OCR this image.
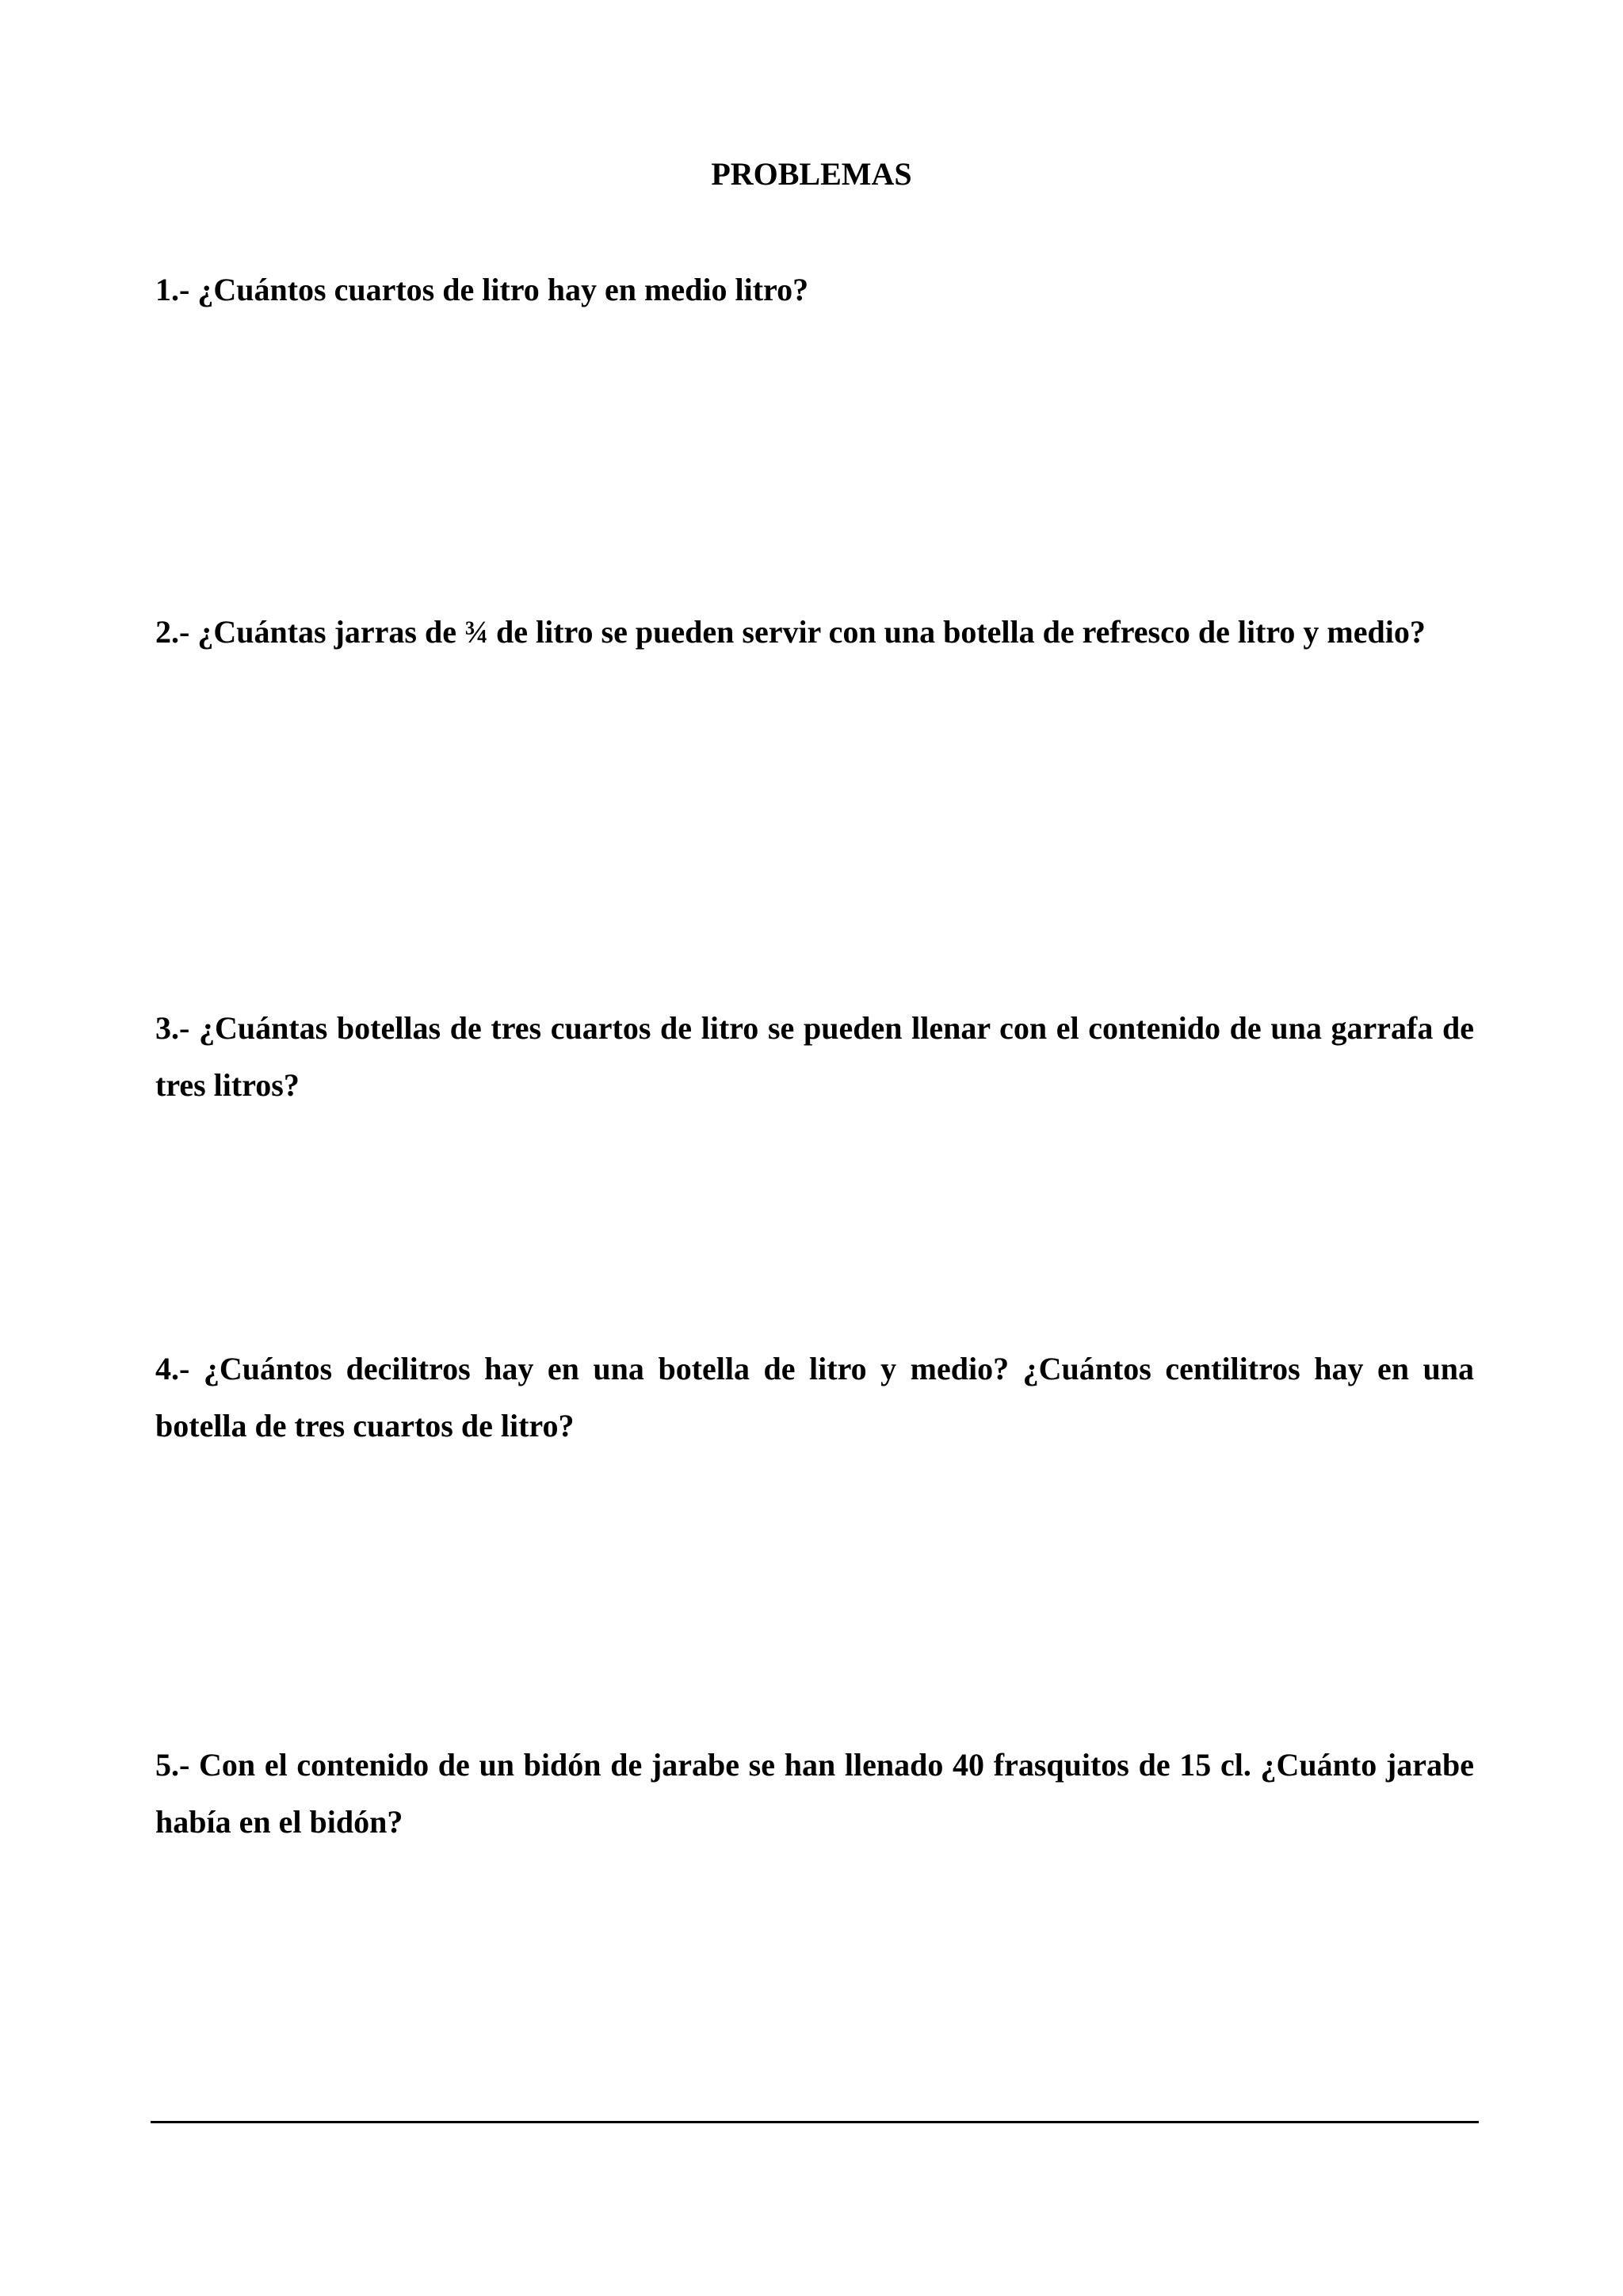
PROBLEMAS

1.- ¿Cuántos cuartos de litro hay en medio litro?

2.- ¿Cuántas jarras de ¾ de litro se pueden servir con una botella de refresco de litro y medio?

3.- ¿Cuántas botellas de tres cuartos de litro se pueden llenar con el contenido de una garrafa de tres litros?

4.- ¿Cuántos decilitros hay en una botella de litro y medio? ¿Cuántos centilitros hay en una botella de tres cuartos de litro?

5.- Con el contenido de un bidón de jarabe se han llenado 40 frasquitos de 15 cl. ¿Cuánto jarabe había en el bidón?
